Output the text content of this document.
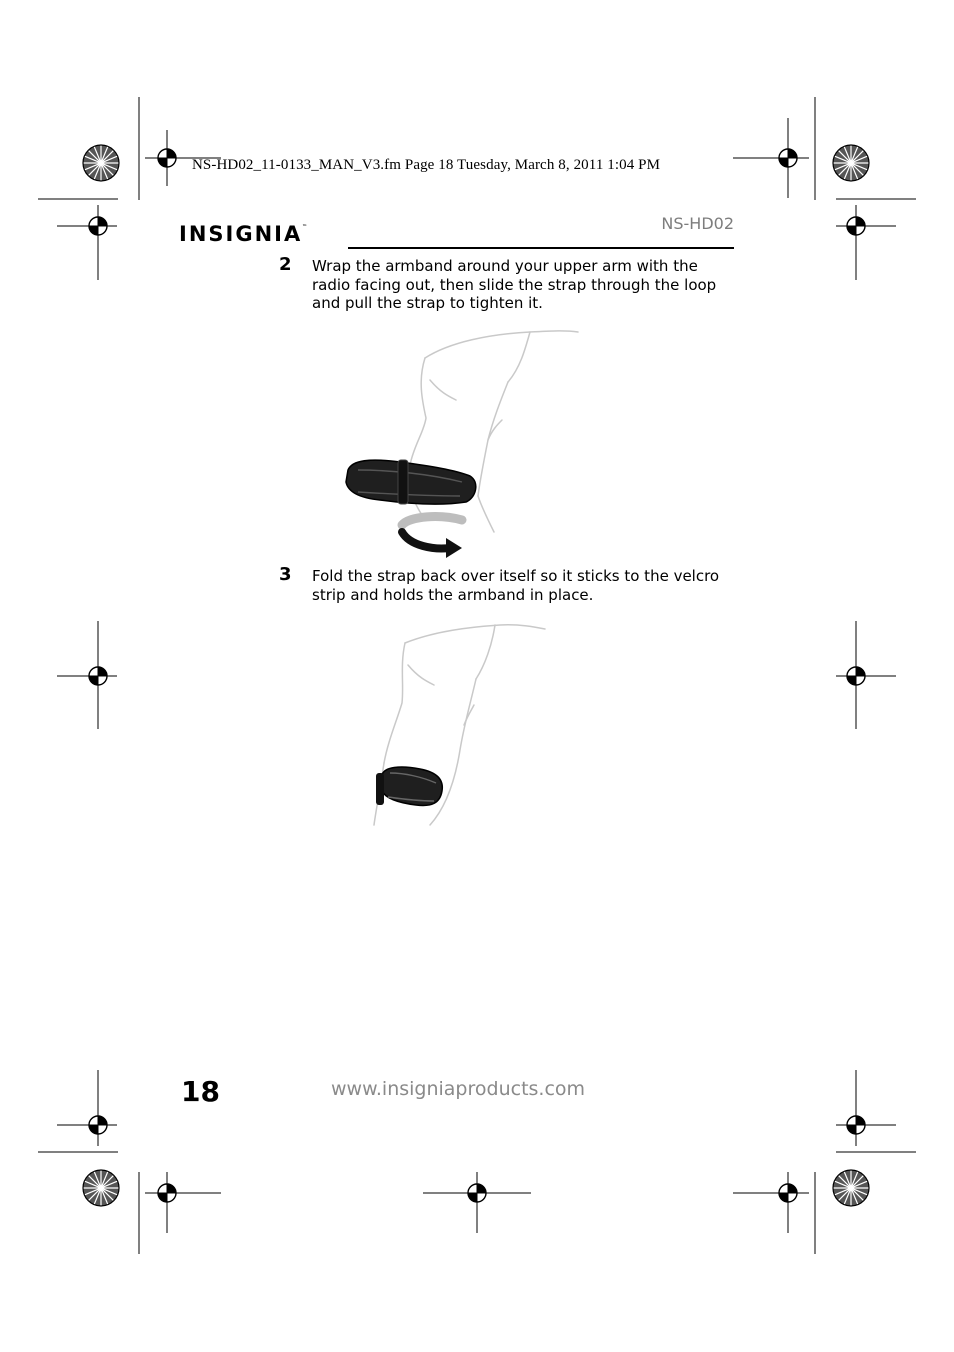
NS-HD02_11-0133_MAN_V3.fm Page 18 Tuesday, March 8, 2011 1:04 PM
INSIGNIA™	NS-HD02
2 Wrap the armband around your upper arm with the
radio facing out, then slide the strap through the loop
and pull the strap to tighten it.
3 Fold the strap back over itself so it sticks to the velcro
strip and holds the armband in place.
18	www.insigniaproducts.com
